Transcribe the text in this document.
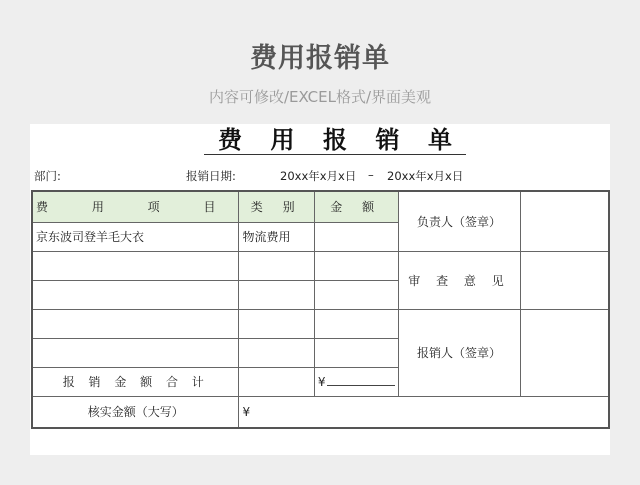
费用报销单
内容可修改/EXCEL格式/界面美观
费 用 报 销 单
部门:	报销日期:	20xx年x月x日 – 20xx年x月x日
费 用 项 目	类 别	金 额	负责人（签章）	
京东波司登羊毛大衣	物流费用			
			审 查 意 见	

			报销人（签章）	

报 销 金 额 合 计		¥		
核实金额（大写）	¥			
